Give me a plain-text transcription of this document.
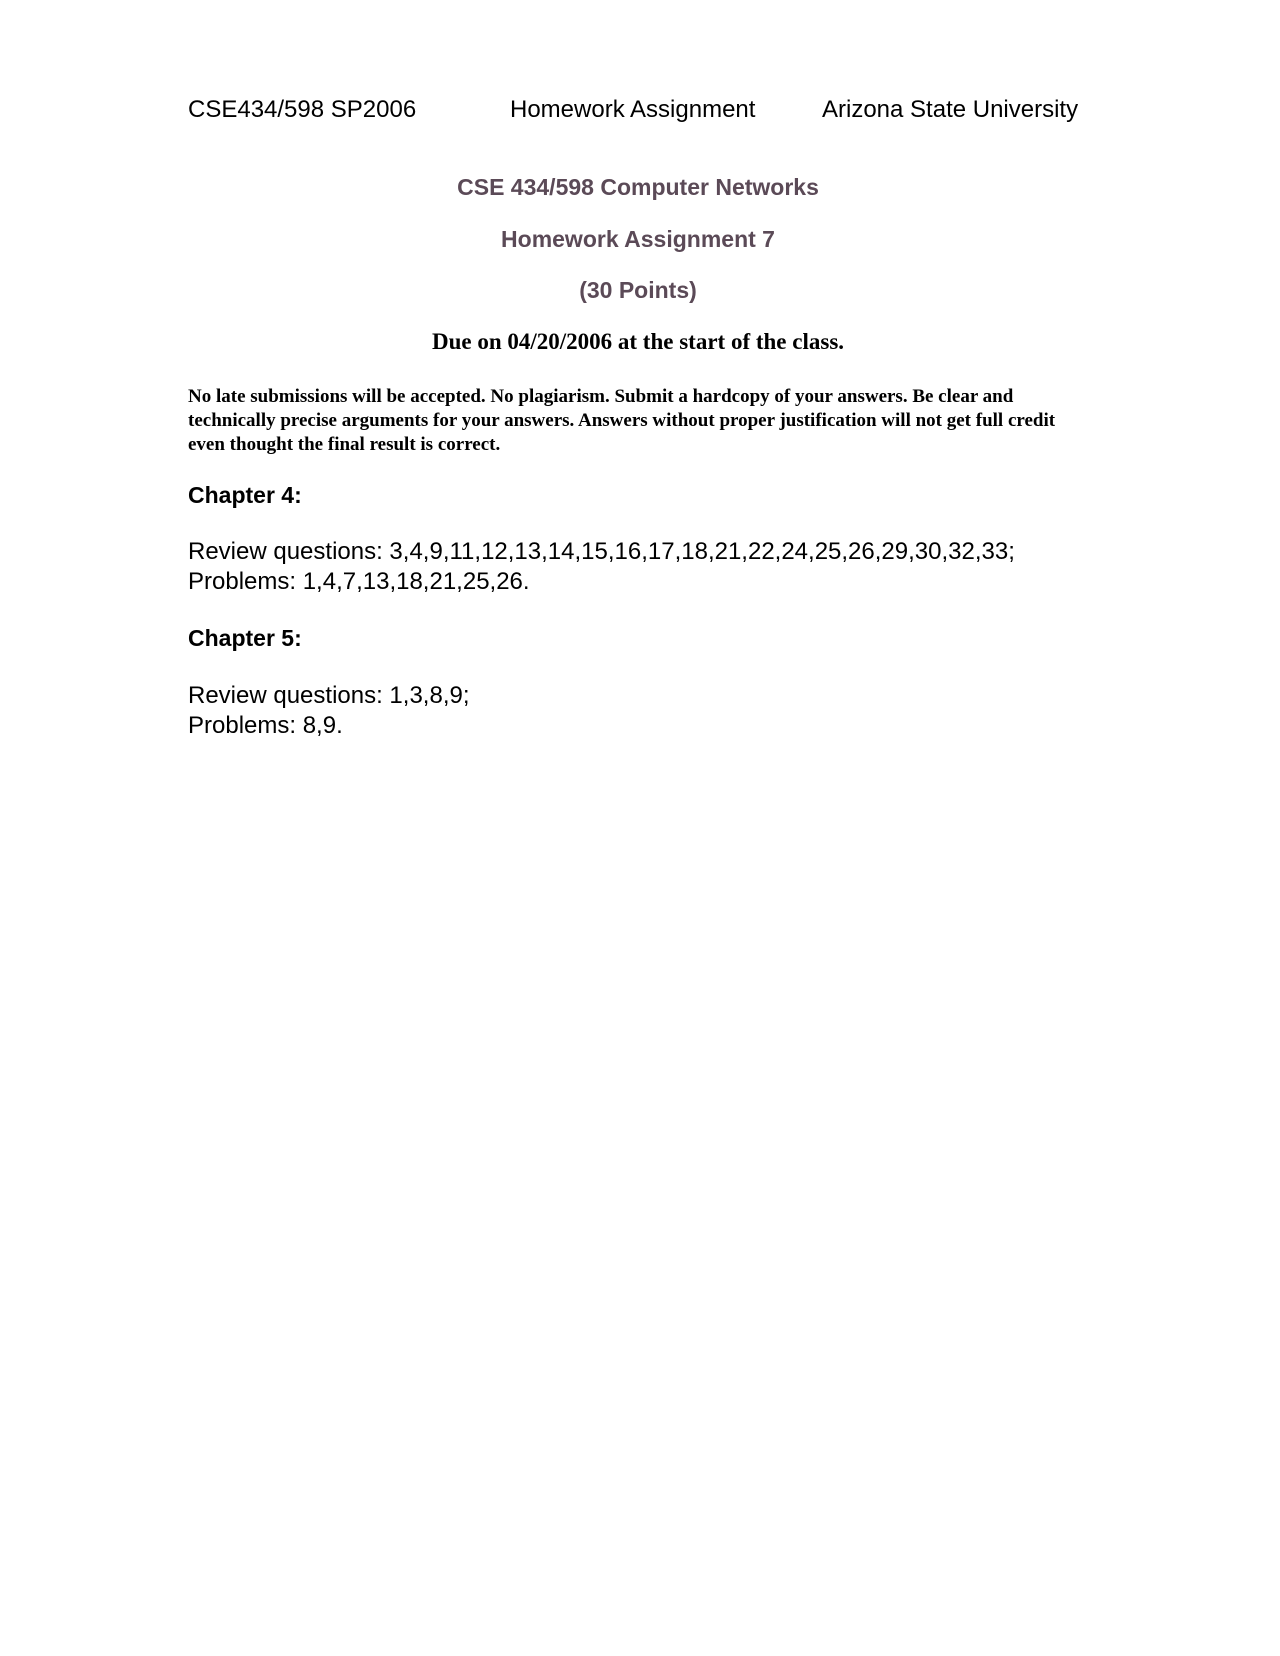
CSE434/598 SP2006	Homework Assignment	Arizona State University
CSE 434/598 Computer Networks
Homework Assignment 7
(30 Points)
Due on 04/20/2006 at the start of the class.
No late submissions will be accepted. No plagiarism. Submit a hardcopy of your answers. Be clear and technically precise arguments for your answers. Answers without proper justification will not get full credit even thought the final result is correct.
Chapter 4:
Review questions: 3,4,9,11,12,13,14,15,16,17,18,21,22,24,25,26,29,30,32,33;
Problems: 1,4,7,13,18,21,25,26.
Chapter 5:
Review questions: 1,3,8,9;
Problems: 8,9.
